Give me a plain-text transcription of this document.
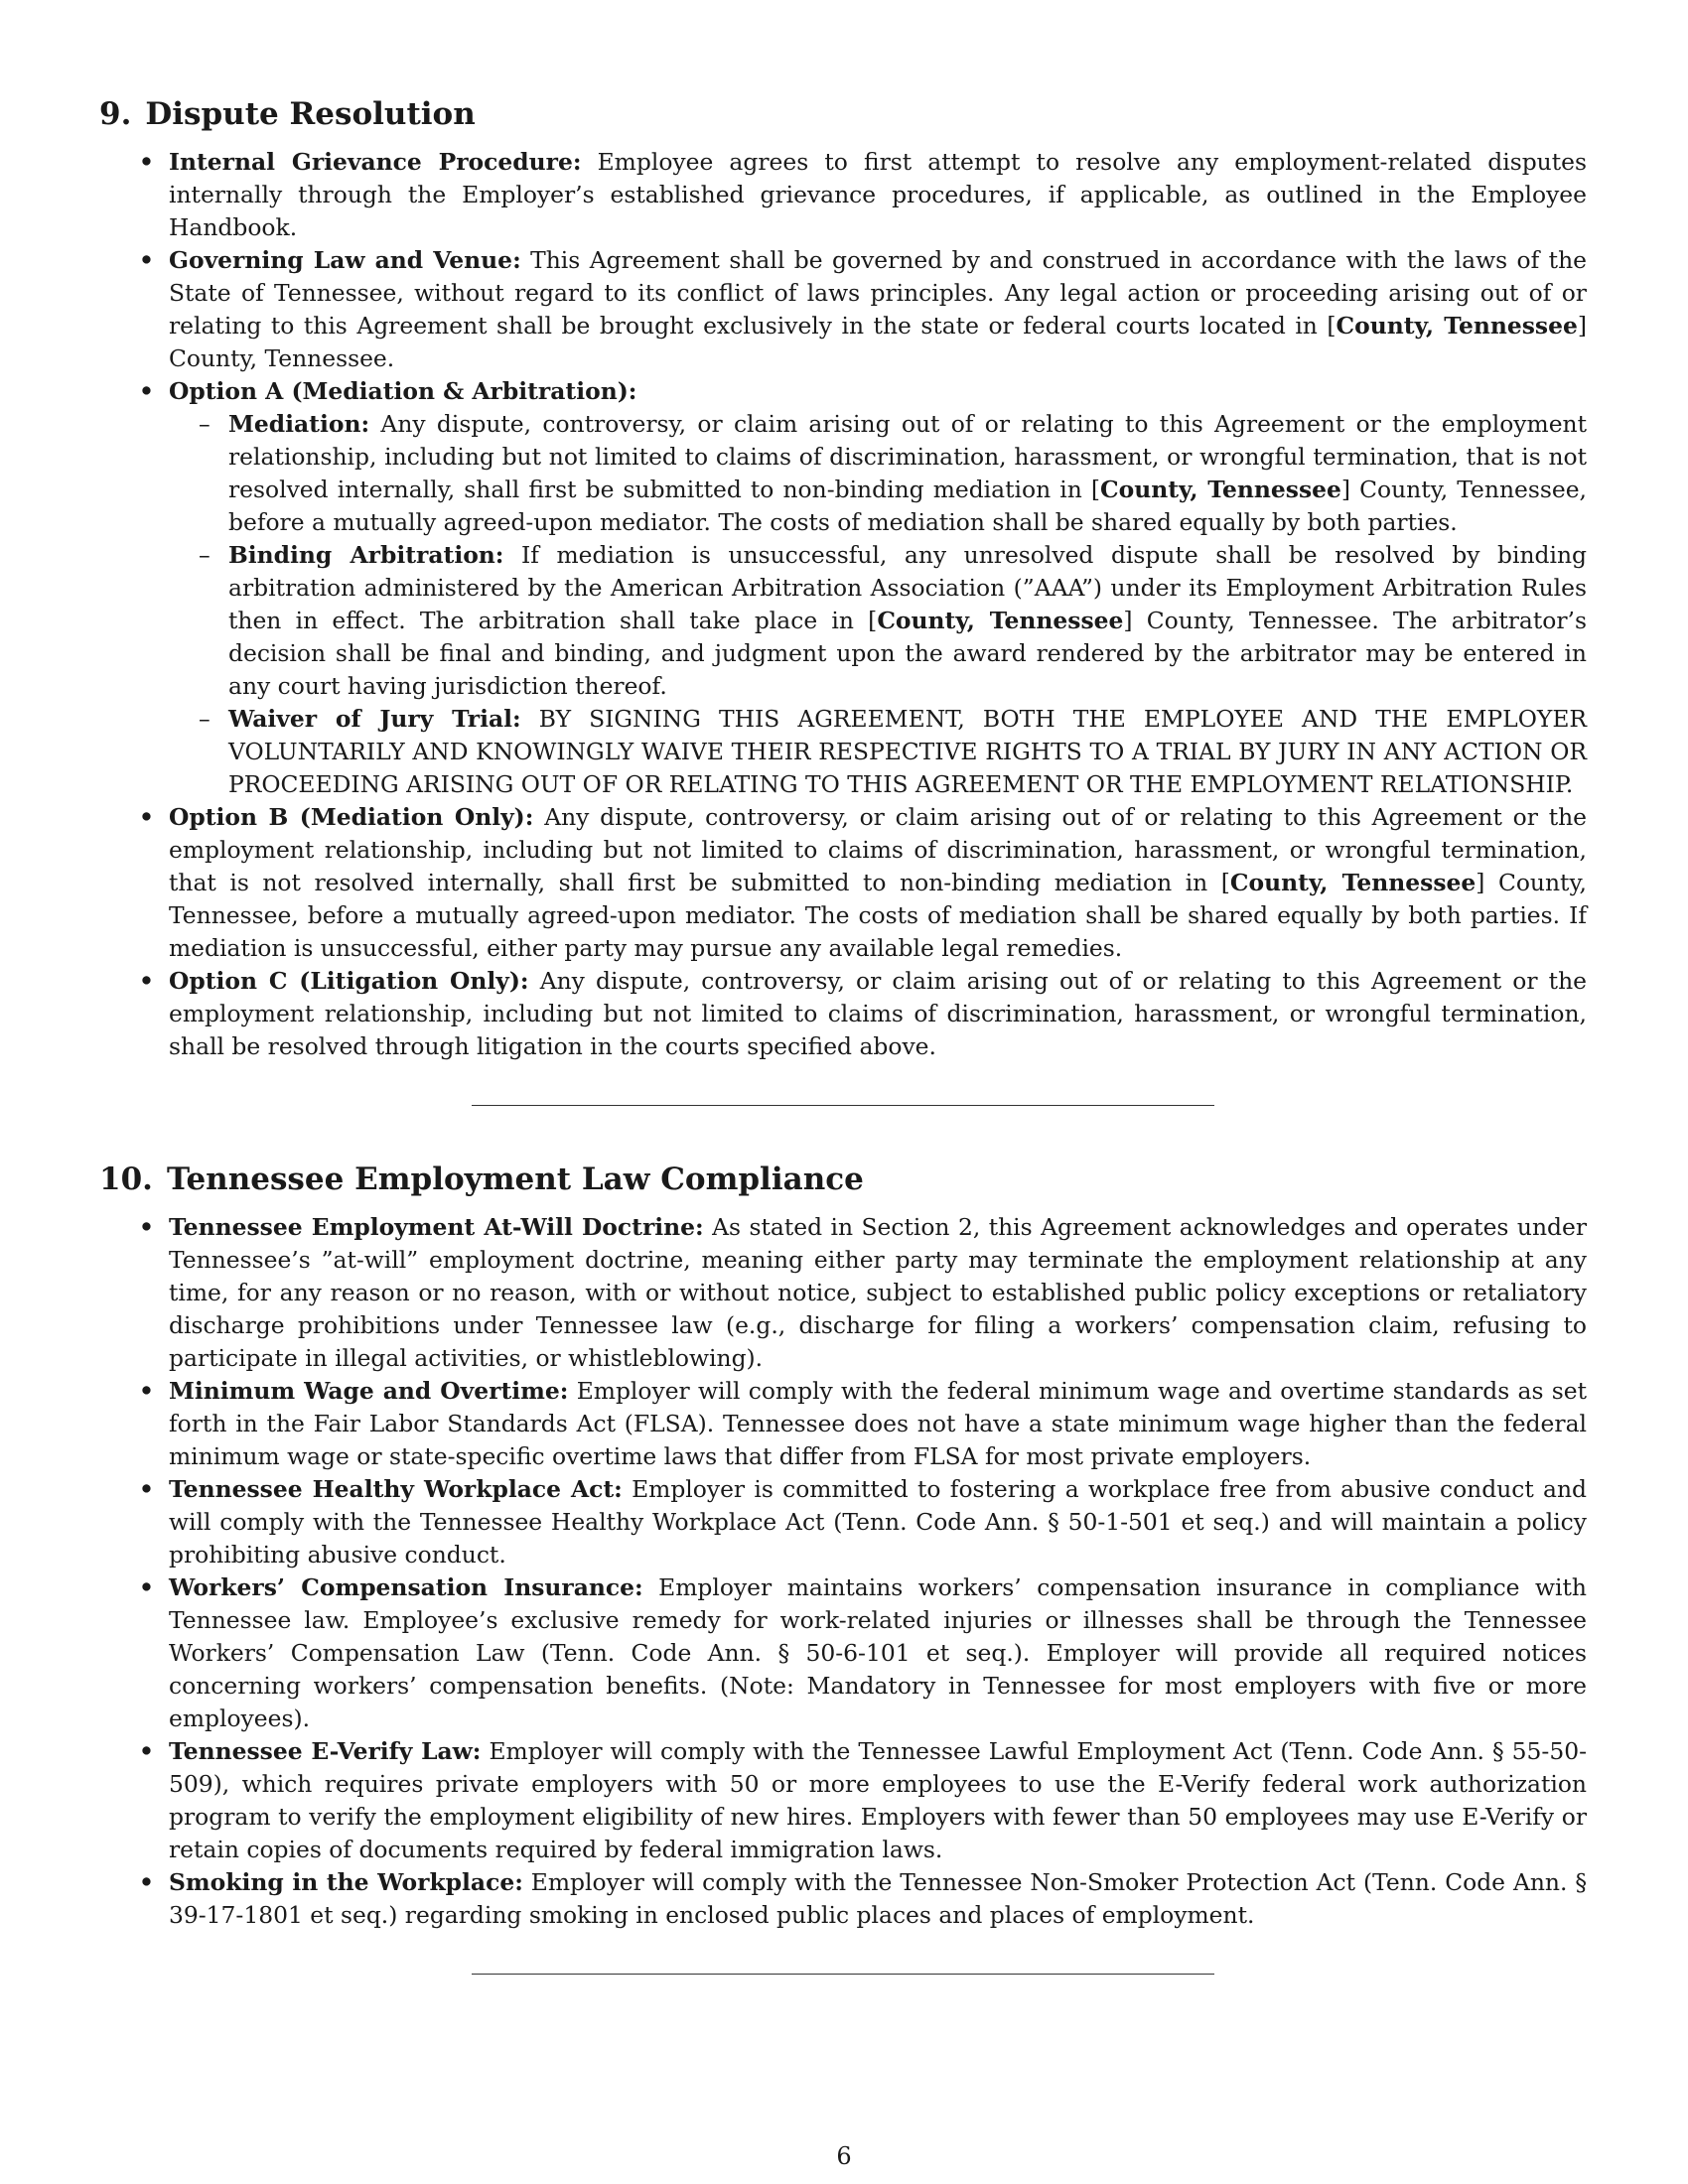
9. Dispute Resolution
• Internal Grievance Procedure: Employee agrees to first attempt to resolve any employment-related disputes internally through the Employer’s established grievance procedures, if applicable, as outlined in the Employee Handbook.
• Governing Law and Venue: This Agreement shall be governed by and construed in accordance with the laws of the State of Tennessee, without regard to its conflict of laws principles. Any legal action or proceeding arising out of or relating to this Agreement shall be brought exclusively in the state or federal courts located in [County, Tennessee] County, Tennessee.
• Option A (Mediation & Arbitration):
– Mediation: Any dispute, controversy, or claim arising out of or relating to this Agreement or the employment relationship, including but not limited to claims of discrimination, harassment, or wrongful termination, that is not resolved internally, shall first be submitted to non-binding mediation in [County, Tennessee] County, Tennessee, before a mutually agreed-upon mediator. The costs of mediation shall be shared equally by both parties.
– Binding Arbitration: If mediation is unsuccessful, any unresolved dispute shall be resolved by binding arbitration administered by the American Arbitration Association (”AAA”) under its Employment Arbitration Rules then in effect. The arbitration shall take place in [County, Tennessee] County, Tennessee. The arbitrator’s decision shall be final and binding, and judgment upon the award rendered by the arbitrator may be entered in any court having jurisdiction thereof.
– Waiver of Jury Trial: BY SIGNING THIS AGREEMENT, BOTH THE EMPLOYEE AND THE EMPLOYER VOLUNTARILY AND KNOWINGLY WAIVE THEIR RESPECTIVE RIGHTS TO A TRIAL BY JURY IN ANY ACTION OR PROCEEDING ARISING OUT OF OR RELATING TO THIS AGREEMENT OR THE EMPLOYMENT RELATIONSHIP.
• Option B (Mediation Only): Any dispute, controversy, or claim arising out of or relating to this Agreement or the employment relationship, including but not limited to claims of discrimination, harassment, or wrongful termination, that is not resolved internally, shall first be submitted to non-binding mediation in [County, Tennessee] County, Tennessee, before a mutually agreed-upon mediator. The costs of mediation shall be shared equally by both parties. If mediation is unsuccessful, either party may pursue any available legal remedies.
• Option C (Litigation Only): Any dispute, controversy, or claim arising out of or relating to this Agreement or the employment relationship, including but not limited to claims of discrimination, harassment, or wrongful termination, shall be resolved through litigation in the courts specified above.
10. Tennessee Employment Law Compliance
• Tennessee Employment At-Will Doctrine: As stated in Section 2, this Agreement acknowledges and operates under Tennessee’s ”at-will” employment doctrine, meaning either party may terminate the employment relationship at any time, for any reason or no reason, with or without notice, subject to established public policy exceptions or retaliatory discharge prohibitions under Tennessee law (e.g., discharge for filing a workers’ compensation claim, refusing to participate in illegal activities, or whistleblowing).
• Minimum Wage and Overtime: Employer will comply with the federal minimum wage and overtime standards as set forth in the Fair Labor Standards Act (FLSA). Tennessee does not have a state minimum wage higher than the federal minimum wage or state-specific overtime laws that differ from FLSA for most private employers.
• Tennessee Healthy Workplace Act: Employer is committed to fostering a workplace free from abusive conduct and will comply with the Tennessee Healthy Workplace Act (Tenn. Code Ann. § 50-1-501 et seq.) and will maintain a policy prohibiting abusive conduct.
• Workers’ Compensation Insurance: Employer maintains workers’ compensation insurance in compliance with Tennessee law. Employee’s exclusive remedy for work-related injuries or illnesses shall be through the Tennessee Workers’ Compensation Law (Tenn. Code Ann. § 50-6-101 et seq.). Employer will provide all required notices concerning workers’ compensation benefits. (Note: Mandatory in Tennessee for most employers with five or more employees).
• Tennessee E-Verify Law: Employer will comply with the Tennessee Lawful Employment Act (Tenn. Code Ann. § 55-50-509), which requires private employers with 50 or more employees to use the E-Verify federal work authorization program to verify the employment eligibility of new hires. Employers with fewer than 50 employees may use E-Verify or retain copies of documents required by federal immigration laws.
• Smoking in the Workplace: Employer will comply with the Tennessee Non-Smoker Protection Act (Tenn. Code Ann. § 39-17-1801 et seq.) regarding smoking in enclosed public places and places of employment.
6
